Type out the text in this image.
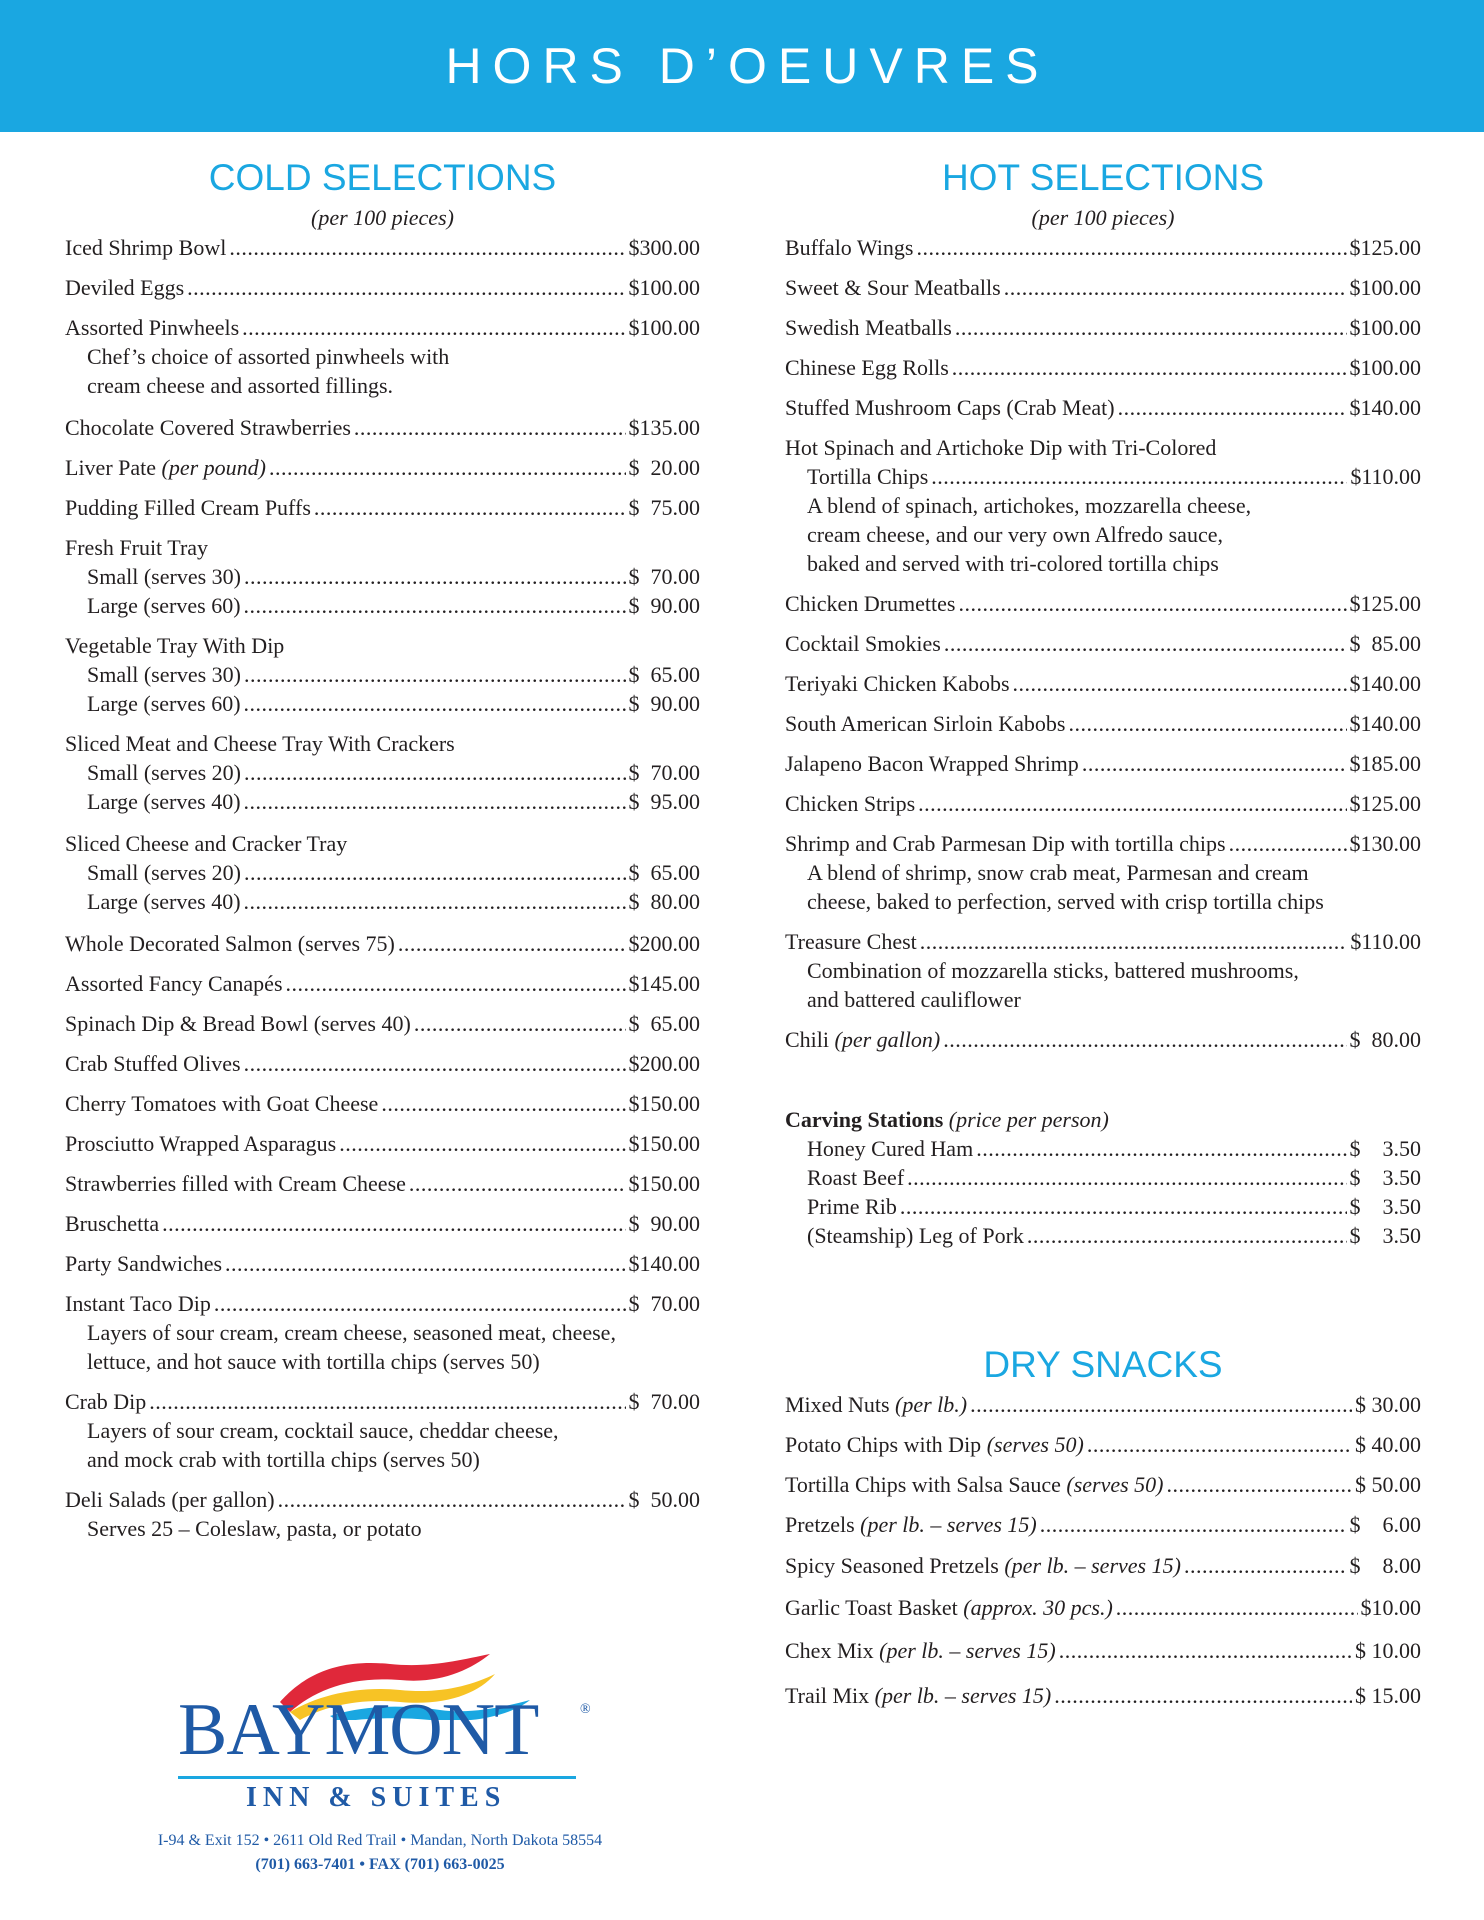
HORS D’OEUVRES
COLD SELECTIONS
(per 100 pieces)
Iced Shrimp Bowl .....	$300.00
Deviled Eggs .....	$100.00
Assorted Pinwheels .....	$100.00
Chef’s choice of assorted pinwheels with
cream cheese and assorted fillings.
Chocolate Covered Strawberries .....	$135.00
Liver Pate (per pound) .....	$  20.00
Pudding Filled Cream Puffs .....	$  75.00
Fresh Fruit Tray
Small (serves 30) .....	$  70.00
Large (serves 60) .....	$  90.00
Vegetable Tray With Dip
Small (serves 30) .....	$  65.00
Large (serves 60) .....	$  90.00
Sliced Meat and Cheese Tray With Crackers
Small (serves 20) .....	$  70.00
Large (serves 40) .....	$  95.00
Sliced Cheese and Cracker Tray
Small (serves 20) .....	$  65.00
Large (serves 40) .....	$  80.00
Whole Decorated Salmon (serves 75) .....	$200.00
Assorted Fancy Canapés .....	$145.00
Spinach Dip & Bread Bowl (serves 40) .....	$  65.00
Crab Stuffed Olives .....	$200.00
Cherry Tomatoes with Goat Cheese .....	$150.00
Prosciutto Wrapped Asparagus .....	$150.00
Strawberries filled with Cream Cheese .....	$150.00
Bruschetta .....	$  90.00
Party Sandwiches .....	$140.00
Instant Taco Dip .....	$  70.00
Layers of sour cream, cream cheese, seasoned meat, cheese,
lettuce, and hot sauce with tortilla chips (serves 50)
Crab Dip .....	$  70.00
Layers of sour cream, cocktail sauce, cheddar cheese,
and mock crab with tortilla chips (serves 50)
Deli Salads (per gallon) .....	$  50.00
Serves 25 – Coleslaw, pasta, or potato
HOT SELECTIONS
(per 100 pieces)
Buffalo Wings .....	$125.00
Sweet & Sour Meatballs .....	$100.00
Swedish Meatballs .....	$100.00
Chinese Egg Rolls .....	$100.00
Stuffed Mushroom Caps (Crab Meat) .....	$140.00
Hot Spinach and Artichoke Dip with Tri-Colored
Tortilla Chips .....	$110.00
A blend of spinach, artichokes, mozzarella cheese,
cream cheese, and our very own Alfredo sauce,
baked and served with tri-colored tortilla chips
Chicken Drumettes .....	$125.00
Cocktail Smokies .....	$  85.00
Teriyaki Chicken Kabobs .....	$140.00
South American Sirloin Kabobs .....	$140.00
Jalapeno Bacon Wrapped Shrimp .....	$185.00
Chicken Strips .....	$125.00
Shrimp and Crab Parmesan Dip with tortilla chips .....	$130.00
A blend of shrimp, snow crab meat, Parmesan and cream
cheese, baked to perfection, served with crisp tortilla chips
Treasure Chest .....	$110.00
Combination of mozzarella sticks, battered mushrooms,
and battered cauliflower
Chili (per gallon) .....	$  80.00
Carving Stations (price per person)
Honey Cured Ham .....	$    3.50
Roast Beef .....	$    3.50
Prime Rib .....	$    3.50
(Steamship) Leg of Pork .....	$    3.50
DRY SNACKS
Mixed Nuts (per lb.) .....	$ 30.00
Potato Chips with Dip (serves 50) .....	$ 40.00
Tortilla Chips with Salsa Sauce (serves 50) .....	$ 50.00
Pretzels (per lb. – serves 15) .....	$    6.00
Spicy Seasoned Pretzels (per lb. – serves 15) .....	$    8.00
Garlic Toast Basket (approx. 30 pcs.) .....	$10.00
Chex Mix (per lb. – serves 15) .....	$ 10.00
Trail Mix (per lb. – serves 15) .....	$ 15.00
BAYMONT	®
INN & SUITES
I-94 & Exit 152 • 2611 Old Red Trail • Mandan, North Dakota 58554
(701) 663-7401 • FAX (701) 663-0025
